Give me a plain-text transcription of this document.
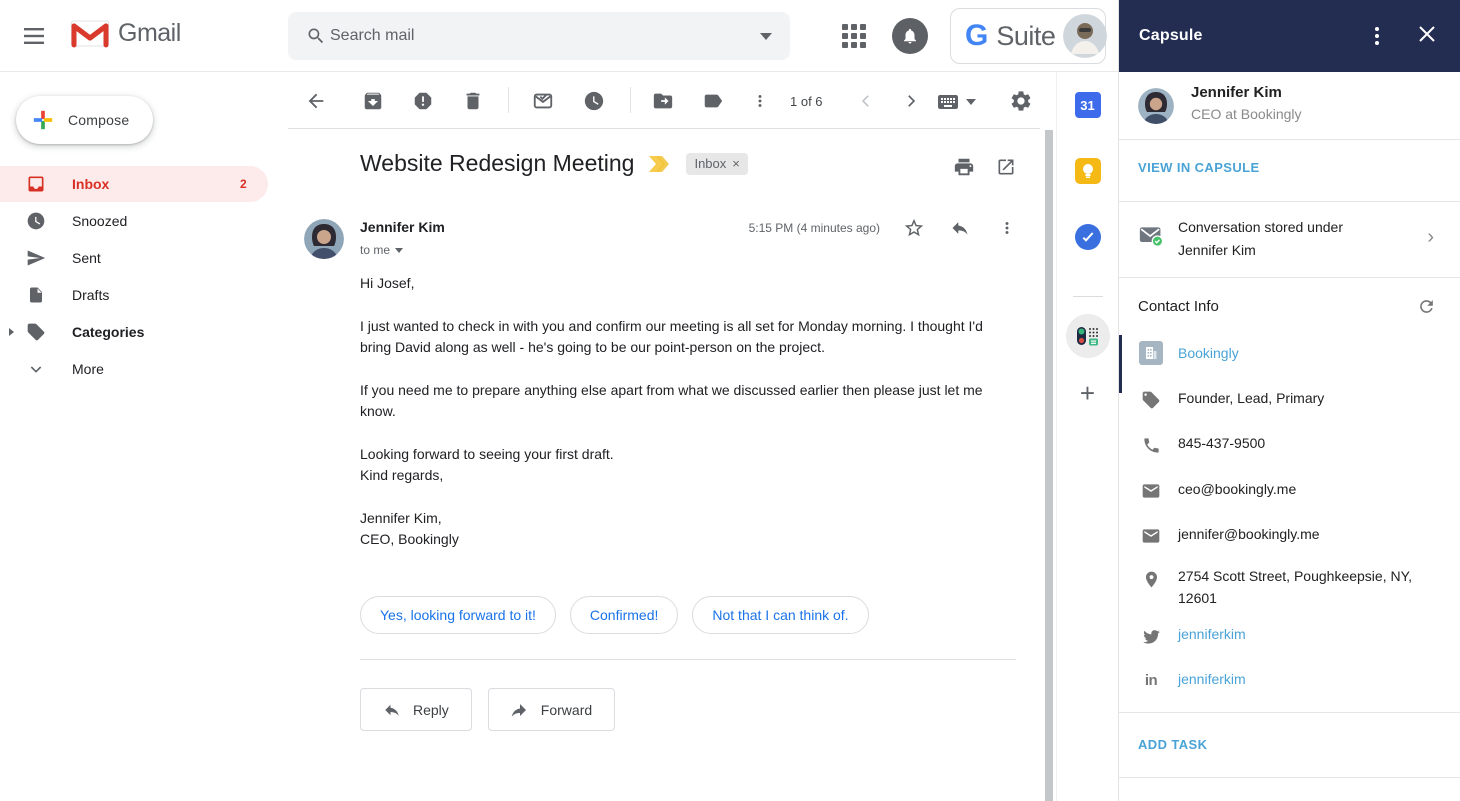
Gmail
Search mail	G Suite
Compose
Inbox	2
Snoozed
Sent
Drafts
Categories
More
1 of 6
Website Redesign Meeting	Inbox ×
Jennifer Kim
to me
5:15 PM (4 minutes ago)

Hi Josef,

I just wanted to check in with you and confirm our meeting is all set for Monday morning. I thought I'd bring David along as well - he's going to be our point-person on the project.

If you need me to prepare anything else apart from what we discussed earlier then please just let me know.

Looking forward to seeing your first draft.
Kind regards,

Jennifer Kim,
CEO, Bookingly

Yes, looking forward to it!	Confirmed!	Not that I can think of.
Reply	Forward
31
+
Capsule
Jennifer Kim
CEO at Bookingly
VIEW IN CAPSULE
Conversation stored under
Jennifer Kim
›
Contact Info
Bookingly
Founder, Lead, Primary
845-437-9500
ceo@bookingly.me
jennifer@bookingly.me
2754 Scott Street, Poughkeepsie, NY, 12601
jenniferkim
in jenniferkim
ADD TASK
